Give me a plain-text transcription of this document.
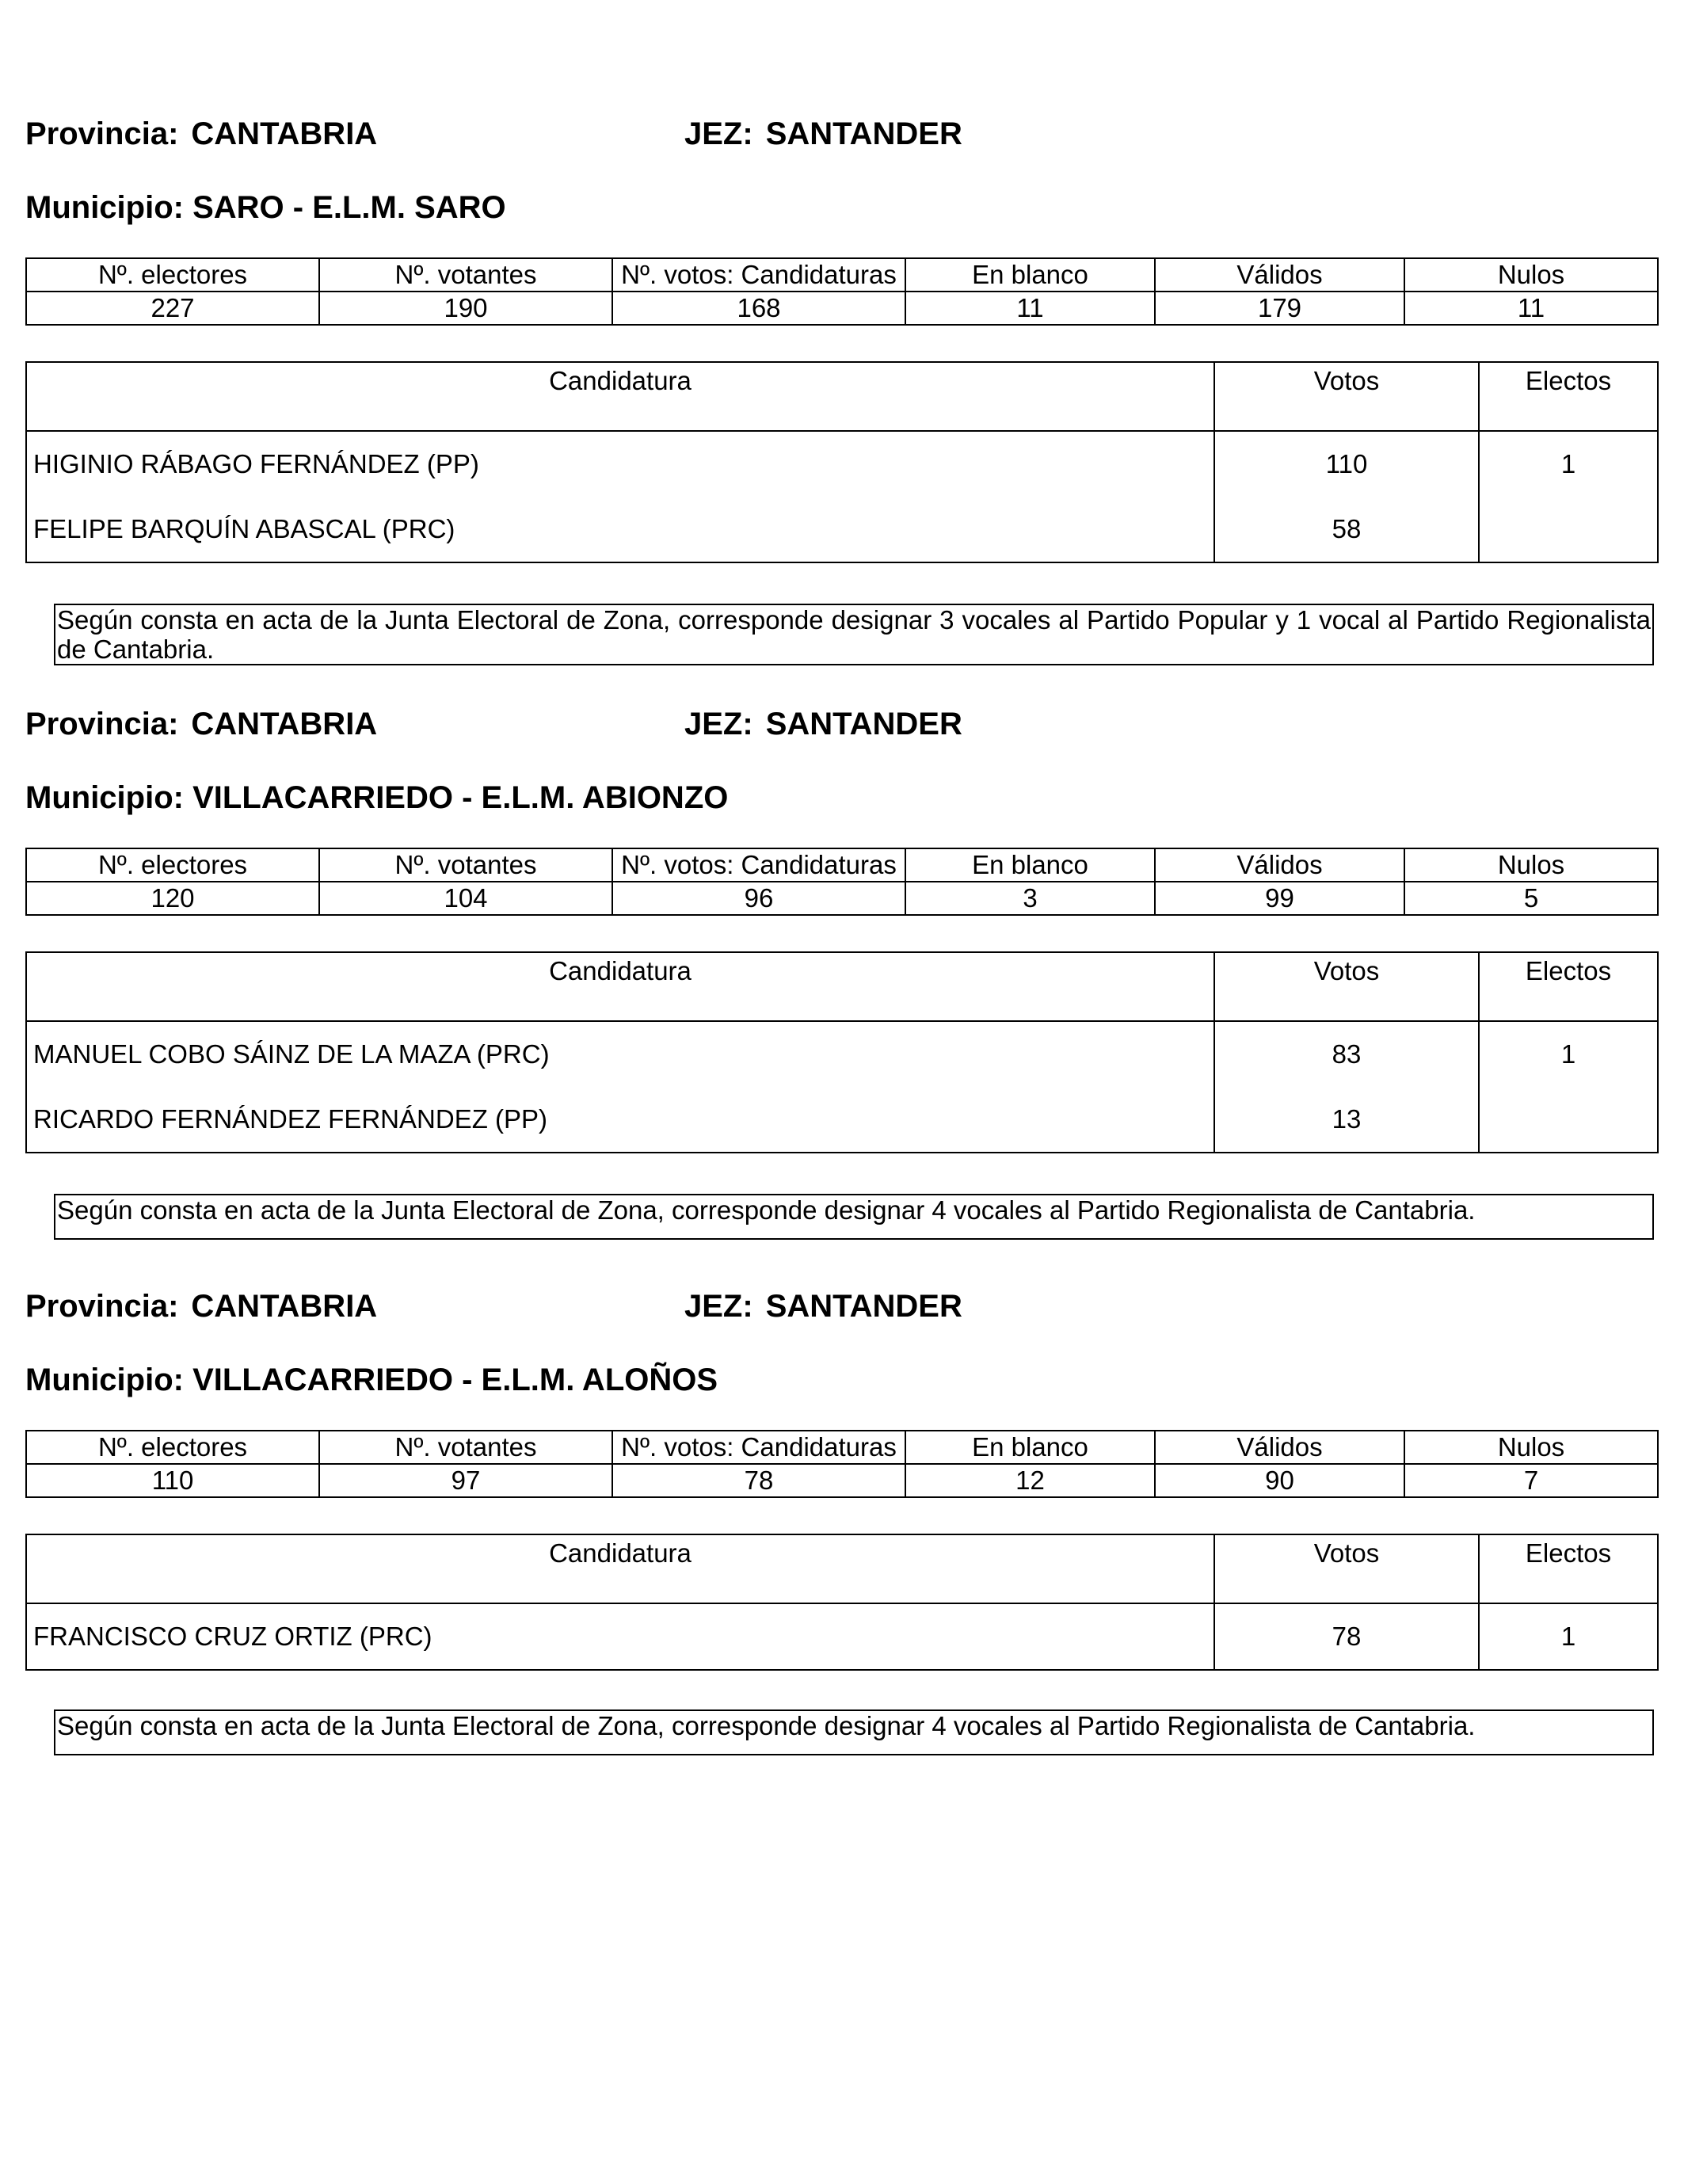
Provincia: CANTABRIA	JEZ: SANTANDER
Municipio: SARO - E.L.M. SARO
Nº. electores	Nº. votantes	Nº. votos: Candidaturas	En blanco	Válidos	Nulos
227	190	168	11	179	11
Candidatura	Votos	Electos
HIGINIO RÁBAGO FERNÁNDEZ (PP)	110	1
FELIPE BARQUÍN ABASCAL (PRC)	58	
Según consta en acta de la Junta Electoral de Zona, corresponde designar 3 vocales al Partido Popular y 1 vocal al Partido Regionalista de Cantabria.
Provincia: CANTABRIA	JEZ: SANTANDER
Municipio: VILLACARRIEDO - E.L.M. ABIONZO
Nº. electores	Nº. votantes	Nº. votos: Candidaturas	En blanco	Válidos	Nulos
120	104	96	3	99	5
Candidatura	Votos	Electos
MANUEL COBO SÁINZ DE LA MAZA (PRC)	83	1
RICARDO FERNÁNDEZ FERNÁNDEZ (PP)	13	
Según consta en acta de la Junta Electoral de Zona, corresponde designar 4 vocales al Partido Regionalista de Cantabria.
Provincia: CANTABRIA	JEZ: SANTANDER
Municipio: VILLACARRIEDO - E.L.M. ALOÑOS
Nº. electores	Nº. votantes	Nº. votos: Candidaturas	En blanco	Válidos	Nulos
110	97	78	12	90	7
Candidatura	Votos	Electos
FRANCISCO CRUZ ORTIZ (PRC)	78	1
Según consta en acta de la Junta Electoral de Zona, corresponde designar 4 vocales al Partido Regionalista de Cantabria.
